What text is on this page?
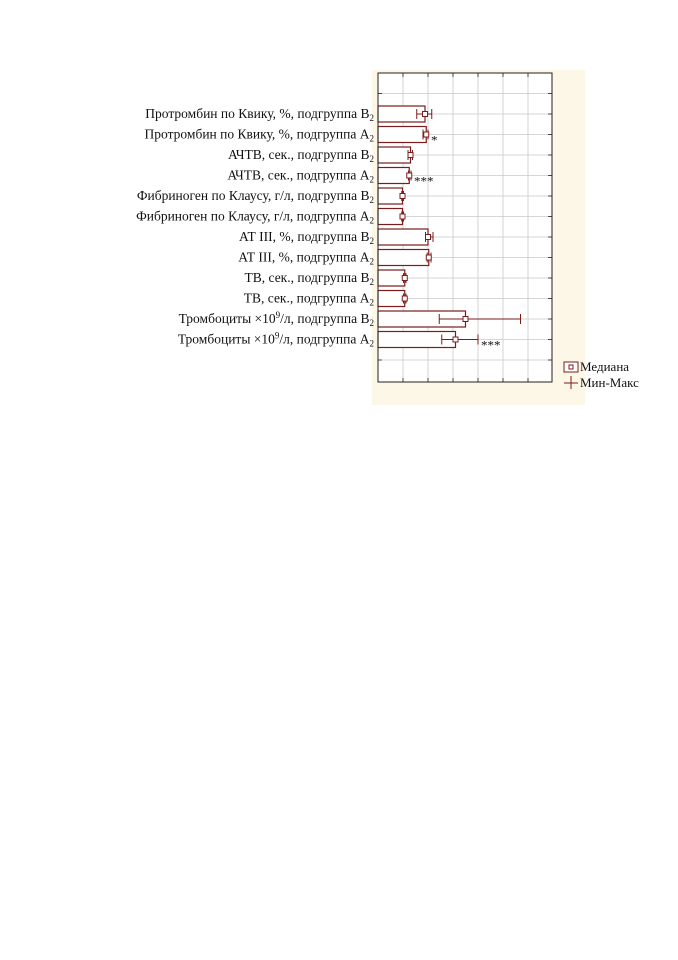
Протромбин по Квику, %, подгруппа $B_2$
Протромбин по Квику, %, подгруппа $A_2$	*
АЧТВ, сек., подгруппа $B_2$
АЧТВ, сек., подгруппа $A_2$	***
Фибриноген по Клаусу, г/л, подгруппа $B_2$
Фибриноген по Клаусу, г/л, подгруппа $A_2$
АТ III, %, подгруппа $B_2$
АТ III, %, подгруппа $A_2$
ТВ, сек., подгруппа $B_2$
ТВ, сек., подгруппа $A_2$
Тромбоциты $\times 10^9/л$, подгруппа $B_2$
Тромбоциты $\times 10^9/л$, подгруппа $A_2$	***
Медиана
Мин-Макс
